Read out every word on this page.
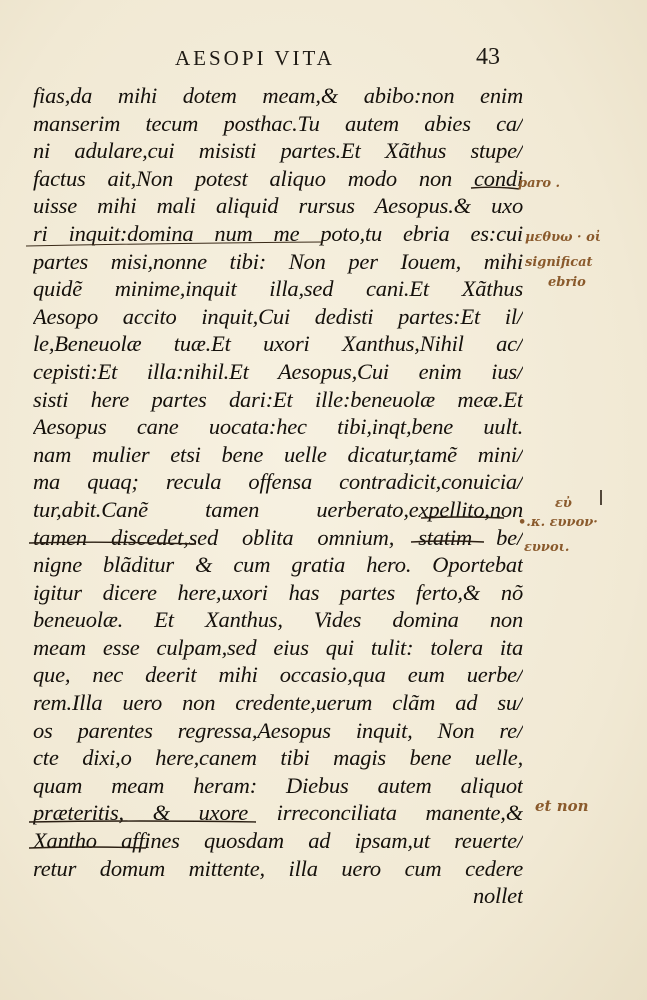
AESOPI VITA	43
fias,da mihi dotem meam,& abibo:non enim
manserim tecum posthac.Tu autem abies ca/
ni adulare,cui misisti partes.Et Xãthus stupe/
factus ait,Non potest aliquo modo non condi
uisse mihi mali aliquid rursus Aesopus.& uxo
ri inquit:domina num me poto,tu ebria es:cui
partes misi,nonne tibi: Non per Iouem, mihi
quidẽ minime,inquit illa,sed cani.Et Xãthus
Aesopo accito inquit,Cui dedisti partes:Et il/
le,Beneuolæ tuæ.Et uxori Xanthus,Nihil ac/
cepisti:Et illa:nihil.Et Aesopus,Cui enim ius/
sisti here partes dari:Et ille:beneuolæ meæ.Et
Aesopus cane uocata:hec tibi,inqt,bene uult.
nam mulier etsi bene uelle dicatur,tamẽ mini/
ma quaq; recula offensa contradicit,conuicia/
tur,abit.Canẽ tamen uerberato,expellito,non
tamen discedet,sed oblita omnium, statim be/
nigne blãditur & cum gratia hero. Oportebat
igitur dicere here,uxori has partes ferto,& nõ
beneuolæ. Et Xanthus, Vides domina non
meam esse culpam,sed eius qui tulit: tolera ita
que, nec deerit mihi occasio,qua eum uerbe/
rem.Illa uero non credente,uerum clãm ad su/
os parentes regressa,Aesopus inquit, Non re/
cte dixi,o here,canem tibi magis bene uelle,
quam meam heram: Diebus autem aliquot
præteritis, & uxore irreconciliata manente,&
Xantho affines quosdam ad ipsam,ut reuerte/
retur domum mittente, illa uero cum cedere
nollet
paro .
µεθυω · οἰ
significat
ebrio
εὐ
•.κ. ευνον·
ευνοι.
et non
